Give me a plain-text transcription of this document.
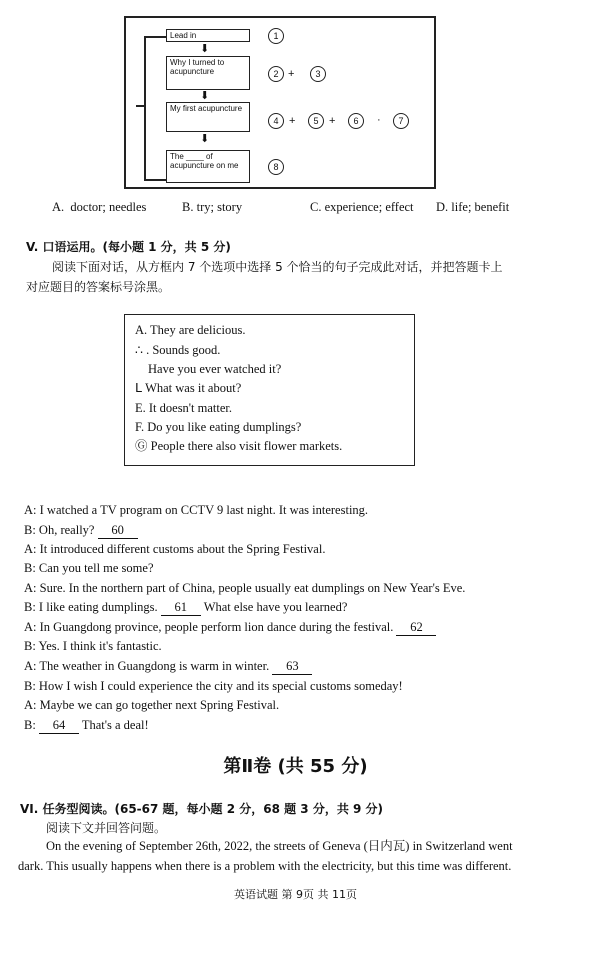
Lead in
⬇
Why I turned to acupuncture
⬇
My first acupuncture
⬇
The ____ of acupuncture on me
1
2 +	3
4 +	5 +	6	·	7
8
A. doctor; needles	B. try; story	C. experience; effect D. life; benefit
V. 口语运用。(每小题 1 分，共 5 分)
阅读下面对话，从方框内 7 个选项中选择 5 个恰当的句子完成此对话，并把答题卡上
对应题目的答案标号涂黑。
A. They are delicious.
∴ . Sounds good.
Have you ever watched it?
ᒪ What was it about?
E. It doesn't matter.
F. Do you like eating dumplings?
Ⓖ People there also visit flower markets.
A: I watched a TV program on CCTV 9 last night. It was interesting.
B: Oh, really? 60
A: It introduced different customs about the Spring Festival.
B: Can you tell me some?
A: Sure. In the northern part of China, people usually eat dumplings on New Year's Eve.
B: I like eating dumplings. 61 What else have you learned?
A: In Guangdong province, people perform lion dance during the festival. 62
B: Yes. I think it's fantastic.
A: The weather in Guangdong is warm in winter. 63
B: How I wish I could experience the city and its special customs someday!
A: Maybe we can go together next Spring Festival.
B: 64 That's a deal!
第Ⅱ卷 (共 55 分)
VI. 任务型阅读。(65-67 题，每小题 2 分，68 题 3 分，共 9 分)
阅读下文并回答问题。
On the evening of September 26th, 2022, the streets of Geneva (日内瓦) in Switzerland went
dark. This usually happens when there is a problem with the electricity, but this time was different.
英语试题 第 9页 共 11页
